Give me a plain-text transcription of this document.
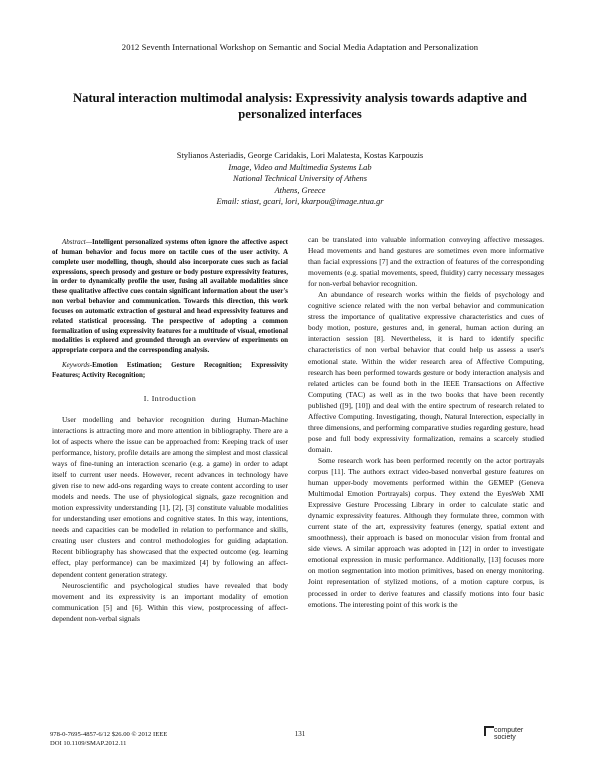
2012 Seventh International Workshop on Semantic and Social Media Adaptation and Personalization
Natural interaction multimodal analysis: Expressivity analysis towards adaptive and personalized interfaces
Stylianos Asteriadis, George Caridakis, Lori Malatesta, Kostas Karpouzis
Image, Video and Multimedia Systems Lab
National Technical University of Athens
Athens, Greece
Email: stiast, gcari, lori, kkarpou@image.ntua.gr

Abstract—Intelligent personalized systems often ignore the affective aspect of human behavior and focus more on tactile cues of the user activity. A complete user modelling, though, should also incorporate cues such as facial expressions, speech prosody and gesture or body posture expressivity features, in order to dynamically profile the user, fusing all available modalities since these qualitative affective cues contain significant information about the user's non verbal behavior and communication. Towards this direction, this work focuses on automatic extraction of gestural and head expressivity features and related statistical processing. The perspective of adopting a common formalization of using expressivity features for a multitude of visual, emotional modalities is explored and grounded through an overview of experiments on appropriate corpora and the corresponding analysis.

Keywords-Emotion Estimation; Gesture Recognition; Expressivity Features; Activity Recognition;

I. Introduction

User modelling and behavior recognition during Human-Machine interactions is attracting more and more attention in bibliography. There are a lot of aspects where the issue can be approached from: Keeping track of user performance, history, profile details are among the simplest and most classical ways of fine-tuning an interaction scenario (e.g. a game) in order to adapt itself to current user needs. However, recent advances in technology have given rise to new add-ons regarding ways to create content according to user models and needs. The use of physiological signals, gaze recognition and motion expressivity understanding [1], [2], [3] constitute valuable modalities for understanding user emotions and cognitive states. In this way, intentions, needs and capacities can be modelled in relation to performance and skills, creating user clusters and control methodologies for guiding adaptation. Recent bibliography has showcased that the expected outcome (eg. learning effect, play performance) can be maximized [4] by following an affect-dependent content generation strategy.

Neuroscientific and psychological studies have revealed that body movement and its expressivity is an important modality of emotion communication [5] and [6]. Within this view, postprocessing of affect-dependent non-verbal signals

can be translated into valuable information conveying affective messages. Head movements and hand gestures are sometimes even more informative than facial expressions [7] and the extraction of features of the corresponding movements (e.g. spatial movements, speed, fluidity) carry necessary messages for non-verbal behavior recognition.

An abundance of research works within the fields of psychology and cognitive science related with the non verbal behavior and communication stress the importance of qualitative expressive characteristics and cues of body motion, posture, gestures and, in general, human action during an interaction session [8]. Nevertheless, it is hard to identify specific characteristics of non verbal behavior that could help us assess a user's emotional state. Within the wider research area of Affective Computing, research has been performed towards gesture or body interaction analysis and related articles can be found both in the IEEE Transactions on Affective Computing (TAC) as well as in the two books that have been recently published ([9], [10]) and deal with the entire spectrum of research related to Affective Computing. Investigating, though, Natural Interection, especially in three dimensions, and performing comparative studies regarding gesture, head pose and full body expressivity formalization, remains a scarcely studied domain.

Some research work has been performed recently on the actor portrayals corpus [11]. The authors extract video-based nonverbal gesture features on human upper-body movements performed within the GEMEP (Geneva Multimodal Emotion Portrayals) corpus. They extend the EyesWeb XMI Expressive Gesture Processing Library in order to calculate static and dynamic expressivity features. Although they formulate three, common with current state of the art, expressivity features (energy, spatial extent and smoothness), their approach is based on monocular vision from frontal and side views. A similar approach was adopted in [12] in order to investigate emotional expression in music performance. Additionally, [13] focuses more on motion segmentation into motion primitives, based on energy monitoring. Joint representation of stylized motions, of a motion capture corpus, is processed in order to derive features and classify motions into four basic emotions. The interesting point of this work is the

978-0-7695-4857-6/12 $26.00 © 2012 IEEE
DOI 10.1109/SMAP.2012.11
131	computer
society
